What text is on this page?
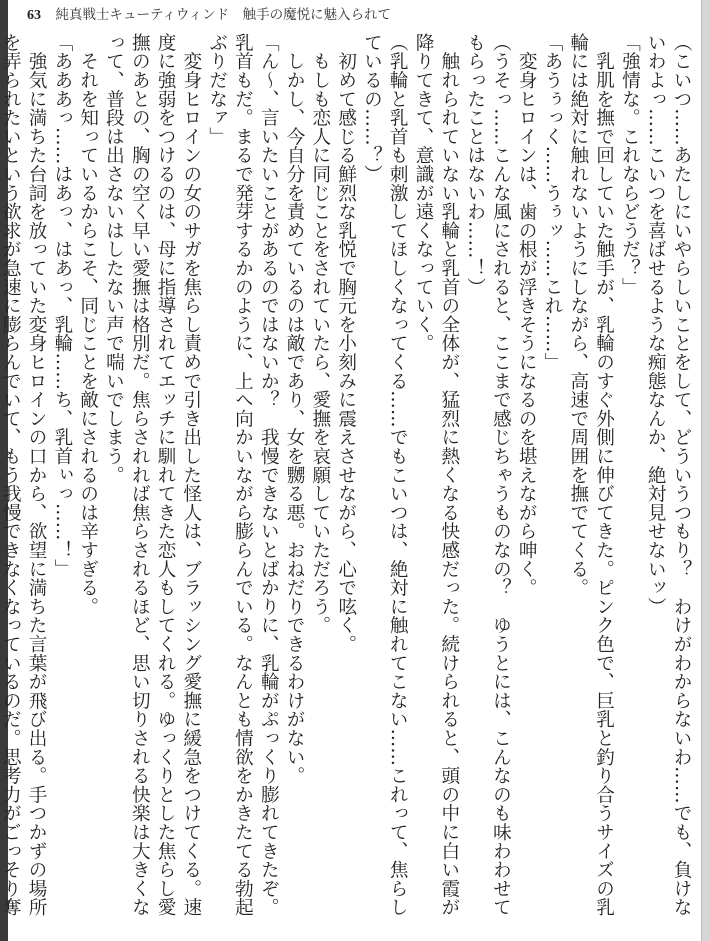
63 純真戦士キューティウィンド　触手の魔悦に魅入られて

（こいつ……あたしにいやらしいことをして、どういうつもり？　わけがわからないわ……でも、負けないわよっ……こいつを喜ばせるような痴態なんか、絶対見せないッ）

「強情な。これならどうだ？」

　乳肌を撫で回していた触手が、乳輪のすぐ外側に伸びてきた。ピンク色で、巨乳と釣り合うサイズの乳輪には絶対に触れないようにしながら、高速で周囲を撫でてくる。

「あうぅっく……うぅッ……これ……」

　変身ヒロインは、歯の根が浮きそうになるのを堪えながら呻く。

（うそっ……こんな風にされると、ここまで感じちゃうものなの？　ゆうとには、こんなのも味わわせてもらったことはないわ……！）

　触れられていない乳輪と乳首の全体が、猛烈に熱くなる快感だった。続けられると、頭の中に白い霞が降りてきて、意識が遠くなっていく。

（乳輪と乳首も刺激してほしくなってくる……でもこいつは、絶対に触れてこない……これって、焦らしているの……？）

　初めて感じる鮮烈な乳悦で胸元を小刻みに震えさせながら、心で呟く。

　もしも恋人に同じことをされていたら、愛撫を哀願していただろう。

　しかし、今自分を責めているのは敵であり、女を嬲る悪。おねだりできるわけがない。

「ん～、言いたいことがあるのではないか？　我慢できないとばかりに、乳輪がぷっくり膨れてきたぞ。乳首もだ。まるで発芽するかのように、上へ向かいながら膨らんでいる。なんとも情欲をかきたてる勃起ぶりだなァ」

　変身ヒロインの女のサガを焦らし責めで引き出した怪人は、ブラッシング愛撫に緩急をつけてくる。速度に強弱をつけるのは、母に指導されてエッチに馴れてきた恋人もしてくれる。ゆっくりとした焦らし愛撫のあとの、胸の空く早い愛撫は格別だ。焦らされれば焦らされるほど、思い切りされる快楽は大きくなって、普段は出さないはしたない声で喘いでしまう。

　それを知っているからこそ、同じことを敵にされるのは辛すぎる。

「あああっ……はあっ、はあっ、乳輪……ち、乳首ぃっ……！」

　強気に満ちた台詞を放っていた変身ヒロインの口から、欲望に満ちた言葉が飛び出る。手つかずの場所を弄られたいという欲求が急速に膨らんでいて、もう我慢できなくなっているのだ。思考力がごっそり奪
